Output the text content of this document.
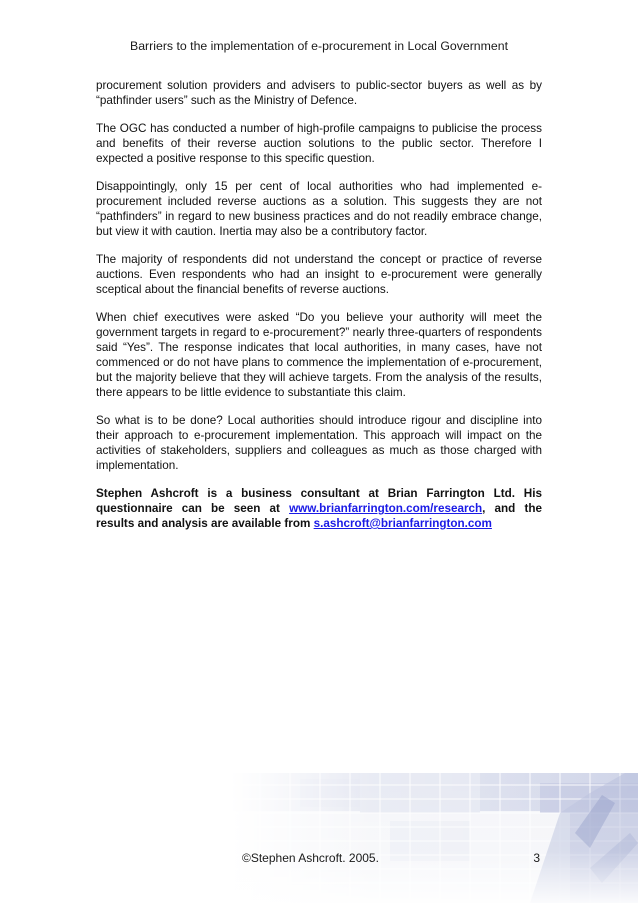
Barriers to the implementation of e-procurement in Local Government

procurement solution providers and advisers to public-sector buyers as well as by “pathfinder users” such as the Ministry of Defence.

The OGC has conducted a number of high-profile campaigns to publicise the process and benefits of their reverse auction solutions to the public sector. Therefore I expected a positive response to this specific question.

Disappointingly, only 15 per cent of local authorities who had implemented e-procurement included reverse auctions as a solution. This suggests they are not “pathfinders” in regard to new business practices and do not readily embrace change, but view it with caution. Inertia may also be a contributory factor.

The majority of respondents did not understand the concept or practice of reverse auctions. Even respondents who had an insight to e-procurement were generally sceptical about the financial benefits of reverse auctions.

When chief executives were asked “Do you believe your authority will meet the government targets in regard to e-procurement?” nearly three-quarters of respondents said “Yes”. The response indicates that local authorities, in many cases, have not commenced or do not have plans to commence the implementation of e-procurement, but the majority believe that they will achieve targets. From the analysis of the results, there appears to be little evidence to substantiate this claim.

So what is to be done? Local authorities should introduce rigour and discipline into their approach to e-procurement implementation. This approach will impact on the activities of stakeholders, suppliers and colleagues as much as those charged with implementation.

Stephen Ashcroft is a business consultant at Brian Farrington Ltd. His questionnaire can be seen at www.brianfarrington.com/research, and the results and analysis are available from s.ashcroft@brianfarrington.com

©Stephen Ashcroft. 2005.	3
